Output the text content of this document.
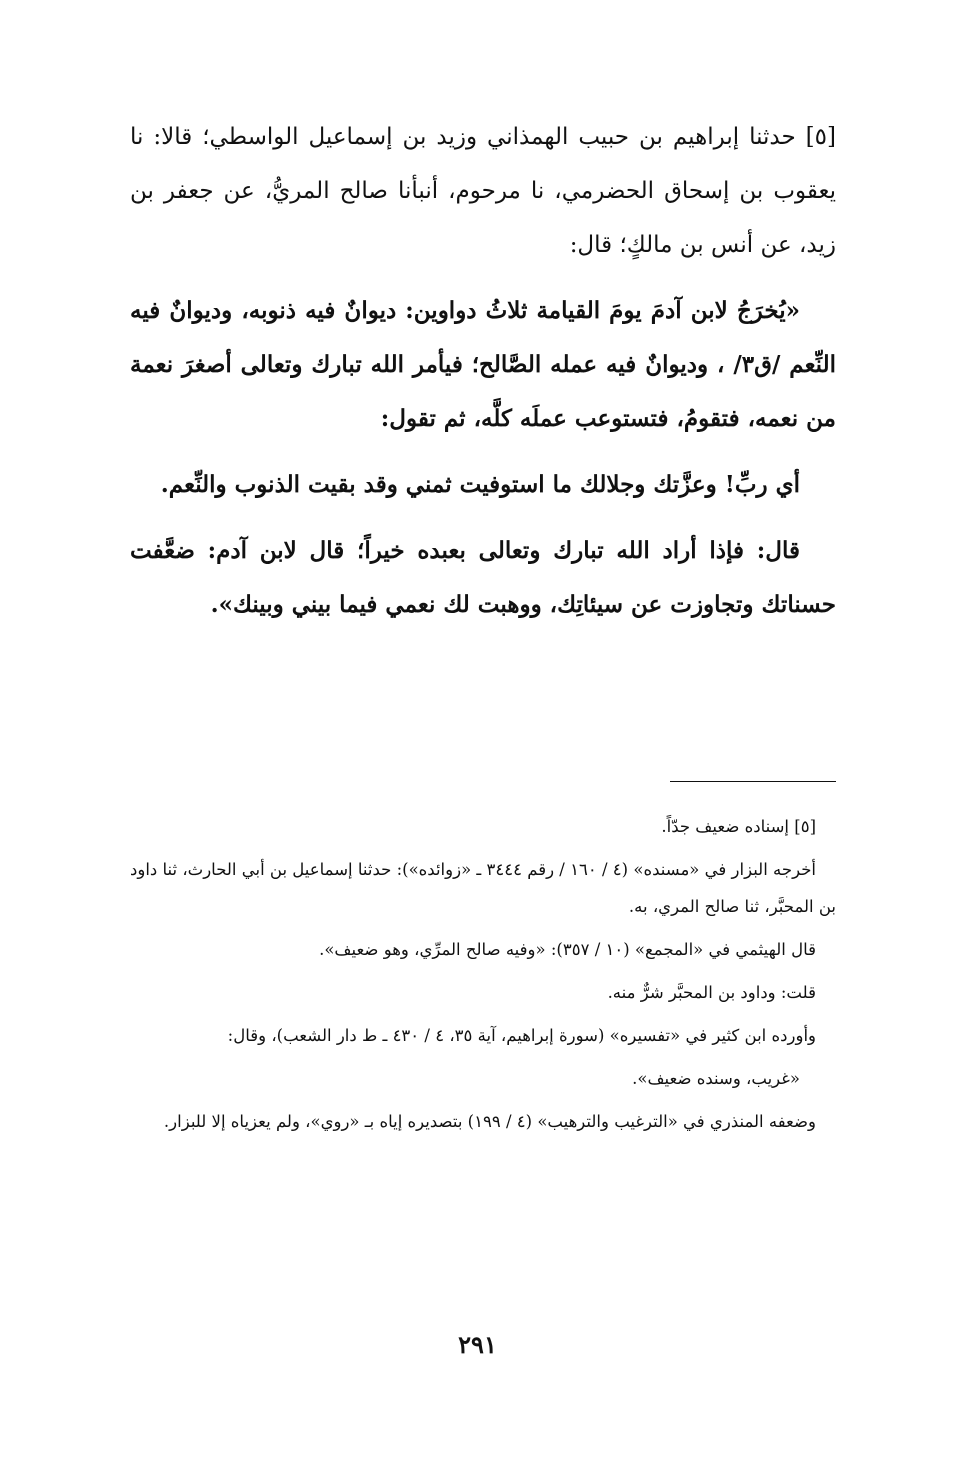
[٥] حدثنا إبراهيم بن حبيب الهمذاني وزيد بن إسماعيل الواسطي؛ قالا: نا يعقوب بن إسحاق الحضرمي، نا مرحوم، أنبأنا صالح المريُّ، عن جعفر بن زيد، عن أنس بن مالكٍ؛ قال:

«يُخرَجُ لابن آدمَ يومَ القيامة ثلاثُ دواوين: ديوانٌ فيه ذنوبه، وديوانٌ فيه النِّعم /ق٣/ ، وديوانٌ فيه عمله الصَّالح؛ فيأمر الله تبارك وتعالى أصغرَ نعمة من نعمه، فتقومُ، فتستوعب عملَه كلَّه، ثم تقول:

أي ربِّ! وعزَّتك وجلالك ما استوفيت ثمني وقد بقيت الذنوب والنِّعم.

قال: فإذا أراد الله تبارك وتعالى بعبده خيراً؛ قال لابن آدم: ضعَّفت حسناتك وتجاوزت عن سيئاتِك، ووهبت لك نعمي فيما بيني وبينك».

[٥] إسناده ضعيف جدّاً.

أخرجه البزار في «مسنده» (٤ / ١٦٠ / رقم ٣٤٤٤ ـ «زوائده»): حدثنا إسماعيل بن أبي الحارث، ثنا داود بن المحبَّر، ثنا صالح المري، به.

قال الهيثمي في «المجمع» (١٠ / ٣٥٧): «وفيه صالح المرِّي، وهو ضعيف».

قلت: وداود بن المحبَّر شرٌّ منه.

وأورده ابن كثير في «تفسيره» (سورة إبراهيم، آية ٣٥، ٤ / ٤٣٠ ـ ط دار الشعب)، وقال:

«غريب، وسنده ضعيف».

وضعفه المنذري في «الترغيب والترهيب» (٤ / ١٩٩) بتصديره إياه بـ «روي»، ولم يعزياه إلا للبزار.

٢٩١
